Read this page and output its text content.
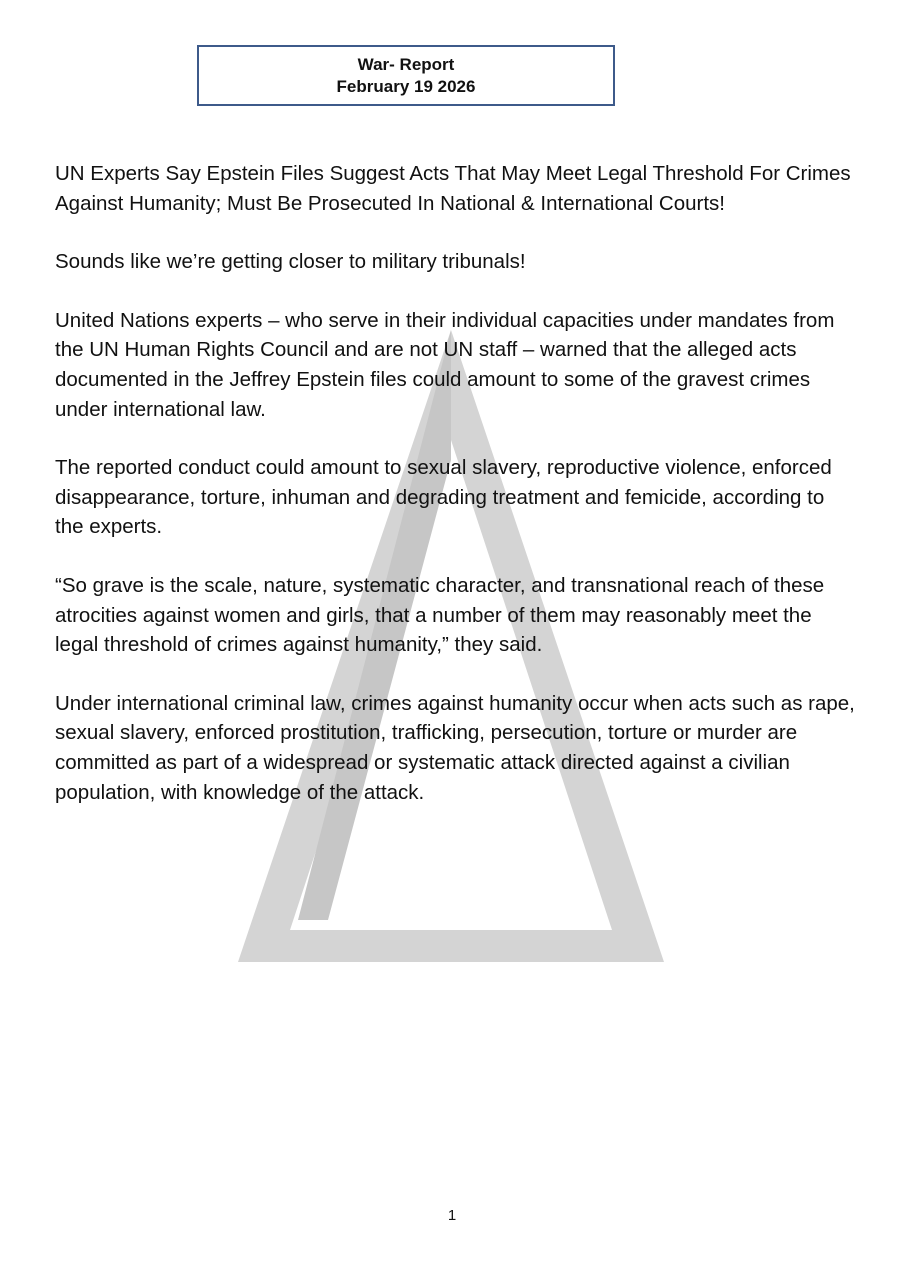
War- Report
February 19 2026

UN Experts Say Epstein Files Suggest Acts That May Meet Legal Threshold For Crimes Against Humanity; Must Be Prosecuted In National & International Courts!

Sounds like we’re getting closer to military tribunals!

United Nations experts – who serve in their individual capacities under mandates from the UN Human Rights Council and are not UN staff – warned that the alleged acts documented in the Jeffrey Epstein files could amount to some of the gravest crimes under international law.

The reported conduct could amount to sexual slavery, reproductive violence, enforced disappearance, torture, inhuman and degrading treatment and femicide, according to the experts.

“So grave is the scale, nature, systematic character, and transnational reach of these atrocities against women and girls, that a number of them may reasonably meet the legal threshold of crimes against humanity,” they said.

Under international criminal law, crimes against humanity occur when acts such as rape, sexual slavery, enforced prostitution, trafficking, persecution, torture or murder are committed as part of a widespread or systematic attack directed against a civilian population, with knowledge of the attack.

1
